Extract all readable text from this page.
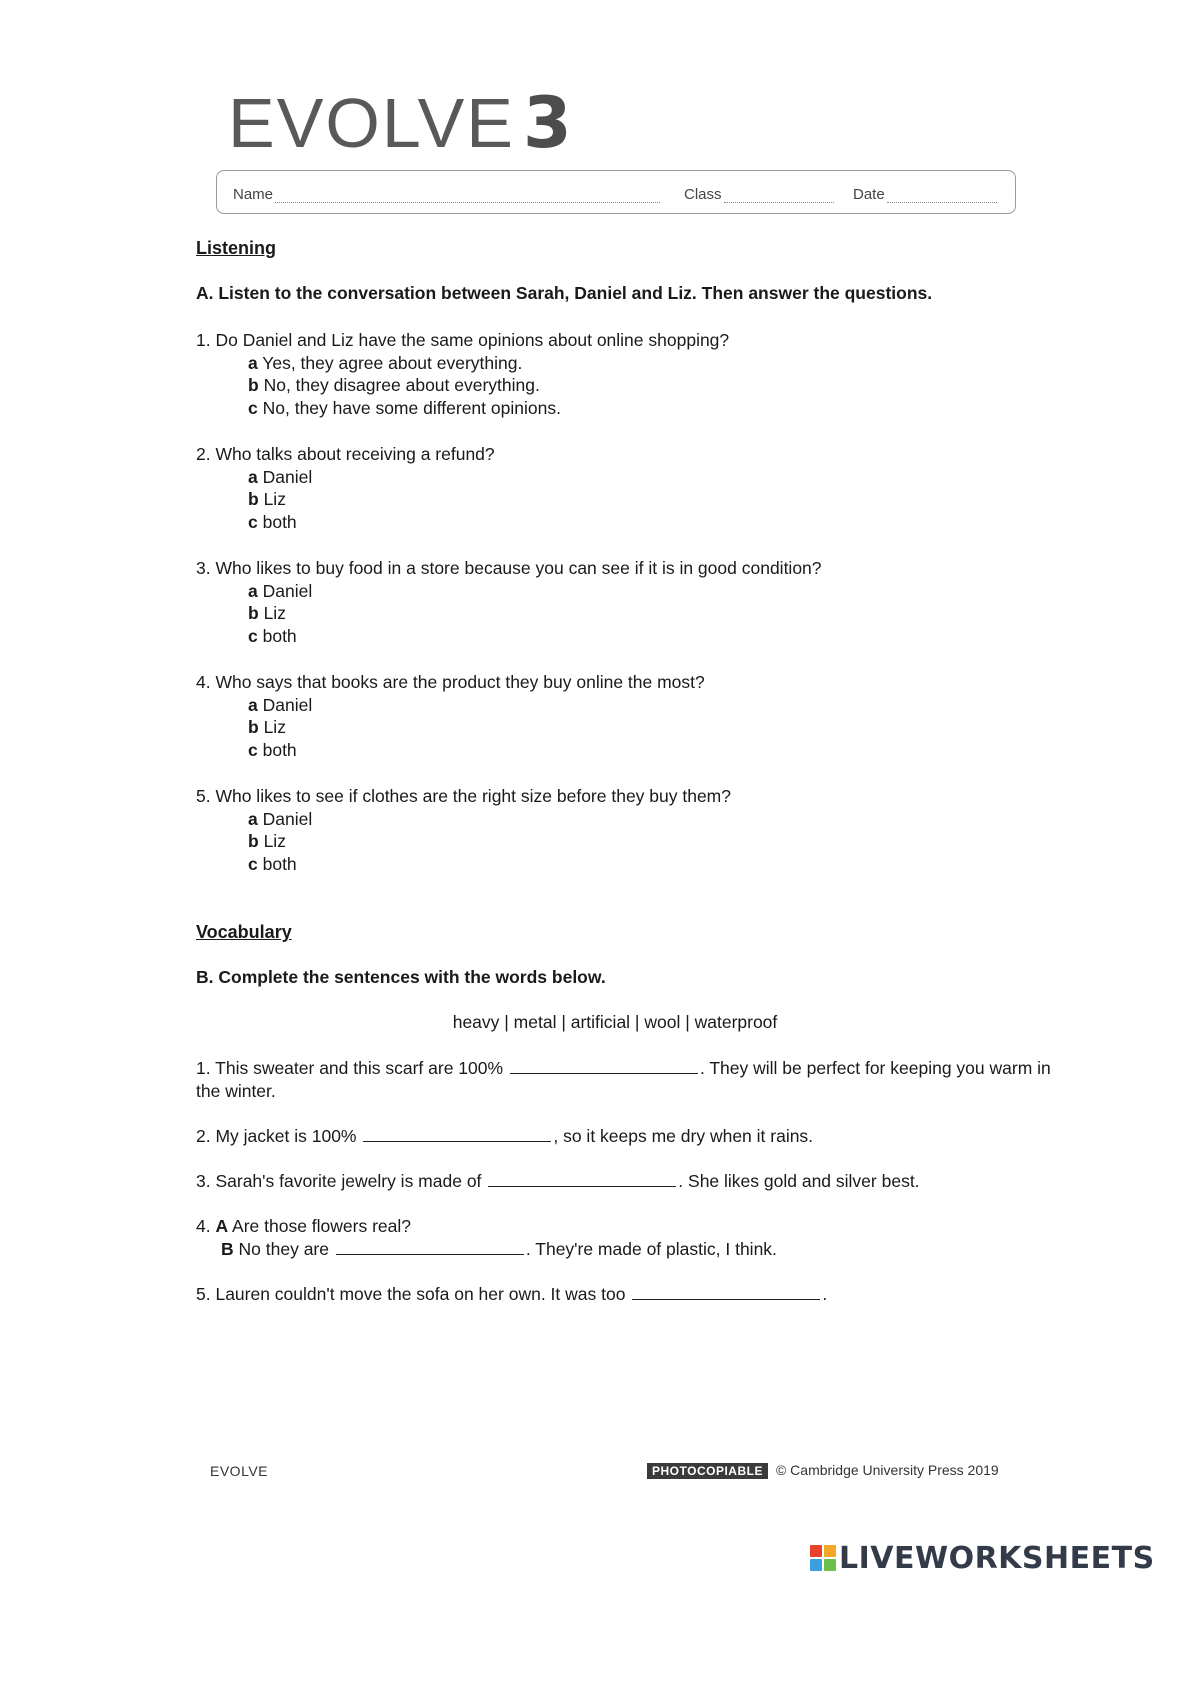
EVOLVE 3
Name	Class	Date
Listening
A. Listen to the conversation between Sarah, Daniel and Liz. Then answer the questions.
1. Do Daniel and Liz have the same opinions about online shopping?
a Yes, they agree about everything.
b No, they disagree about everything.
c No, they have some different opinions.
2. Who talks about receiving a refund?
a Daniel
b Liz
c both
3. Who likes to buy food in a store because you can see if it is in good condition?
a Daniel
b Liz
c both
4. Who says that books are the product they buy online the most?
a Daniel
b Liz
c both
5. Who likes to see if clothes are the right size before they buy them?
a Daniel
b Liz
c both
Vocabulary
B. Complete the sentences with the words below.
heavy | metal | artificial | wool | waterproof
1. This sweater and this scarf are 100%	. They will be perfect for keeping you warm in the winter.
2. My jacket is 100%	, so it keeps me dry when it rains.
3. Sarah's favorite jewelry is made of	. She likes gold and silver best.
4. A Are those flowers real?
B No they are	. They're made of plastic, I think.
5. Lauren couldn't move the sofa on her own. It was too	.
EVOLVE	PHOTOCOPIABLE © Cambridge University Press 2019
LIVEWORKSHEETS
